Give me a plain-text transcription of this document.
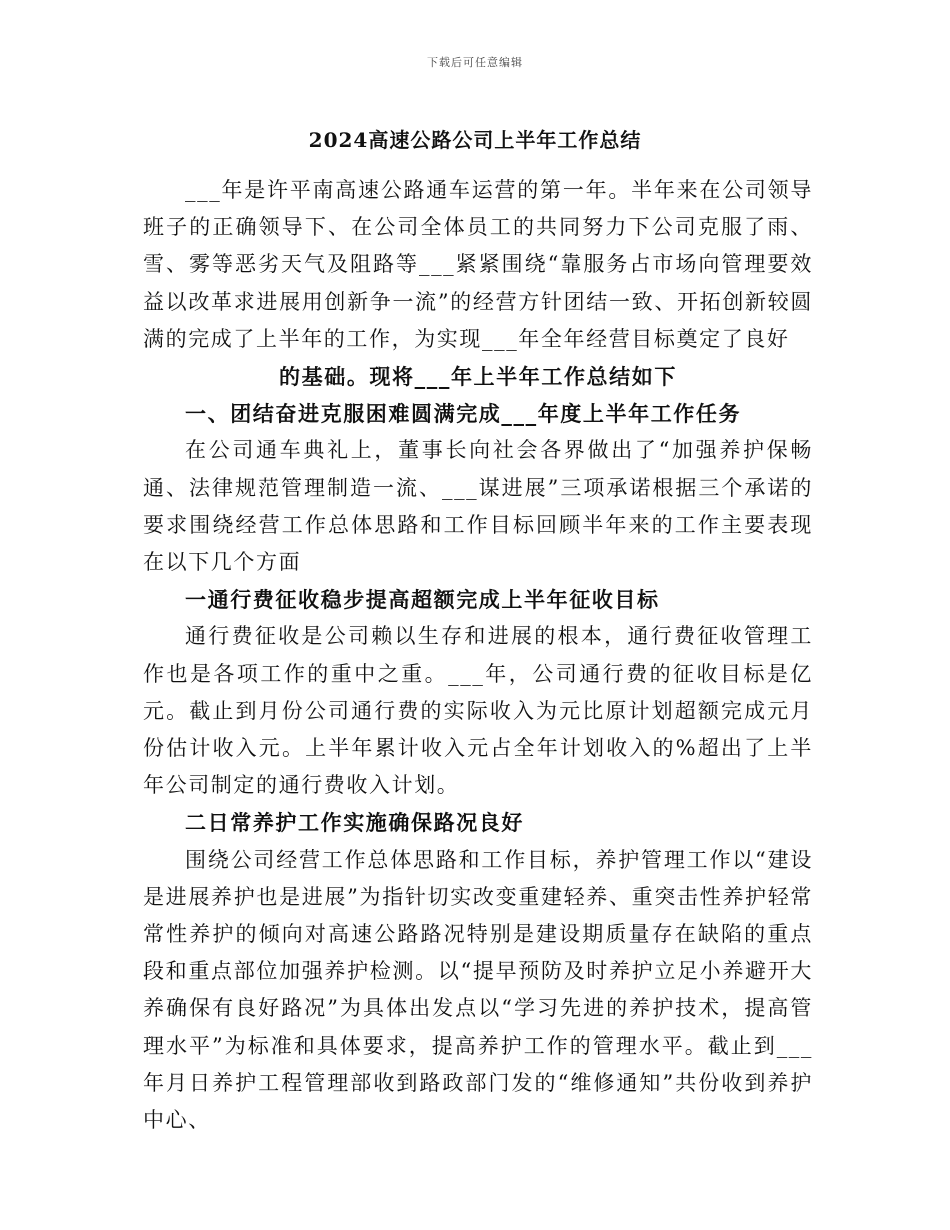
下载后可任意编辑
2024高速公路公司上半年工作总结

___年是许平南高速公路通车运营的第一年。半年来在公司领导班子的正确领导下、在公司全体员工的共同努力下公司克服了雨、雪、雾等恶劣天气及阻路等___紧紧围绕“靠服务占市场向管理要效益以改革求进展用创新争一流”的经营方针团结一致、开拓创新较圆满的完成了上半年的工作，为实现___年全年经营目标奠定了良好

的基础。现将___年上半年工作总结如下

一、团结奋进克服困难圆满完成___年度上半年工作任务

在公司通车典礼上，董事长向社会各界做出了“加强养护保畅通、法律规范管理制造一流、___谋进展”三项承诺根据三个承诺的要求围绕经营工作总体思路和工作目标回顾半年来的工作主要表现在以下几个方面

一通行费征收稳步提高超额完成上半年征收目标

通行费征收是公司赖以生存和进展的根本，通行费征收管理工作也是各项工作的重中之重。___年，公司通行费的征收目标是亿元。截止到月份公司通行费的实际收入为元比原计划超额完成元月份估计收入元。上半年累计收入元占全年计划收入的%超出了上半年公司制定的通行费收入计划。

二日常养护工作实施确保路况良好

围绕公司经营工作总体思路和工作目标，养护管理工作以“建设是进展养护也是进展”为指针切实改变重建轻养、重突击性养护轻常常性养护的倾向对高速公路路况特别是建设期质量存在缺陷的重点段和重点部位加强养护检测。以“提早预防及时养护立足小养避开大养确保有良好路况”为具体出发点以“学习先进的养护技术，提高管理水平”为标准和具体要求，提高养护工作的管理水平。截止到___年月日养护工程管理部收到路政部门发的“维修通知”共份收到养护中心、
